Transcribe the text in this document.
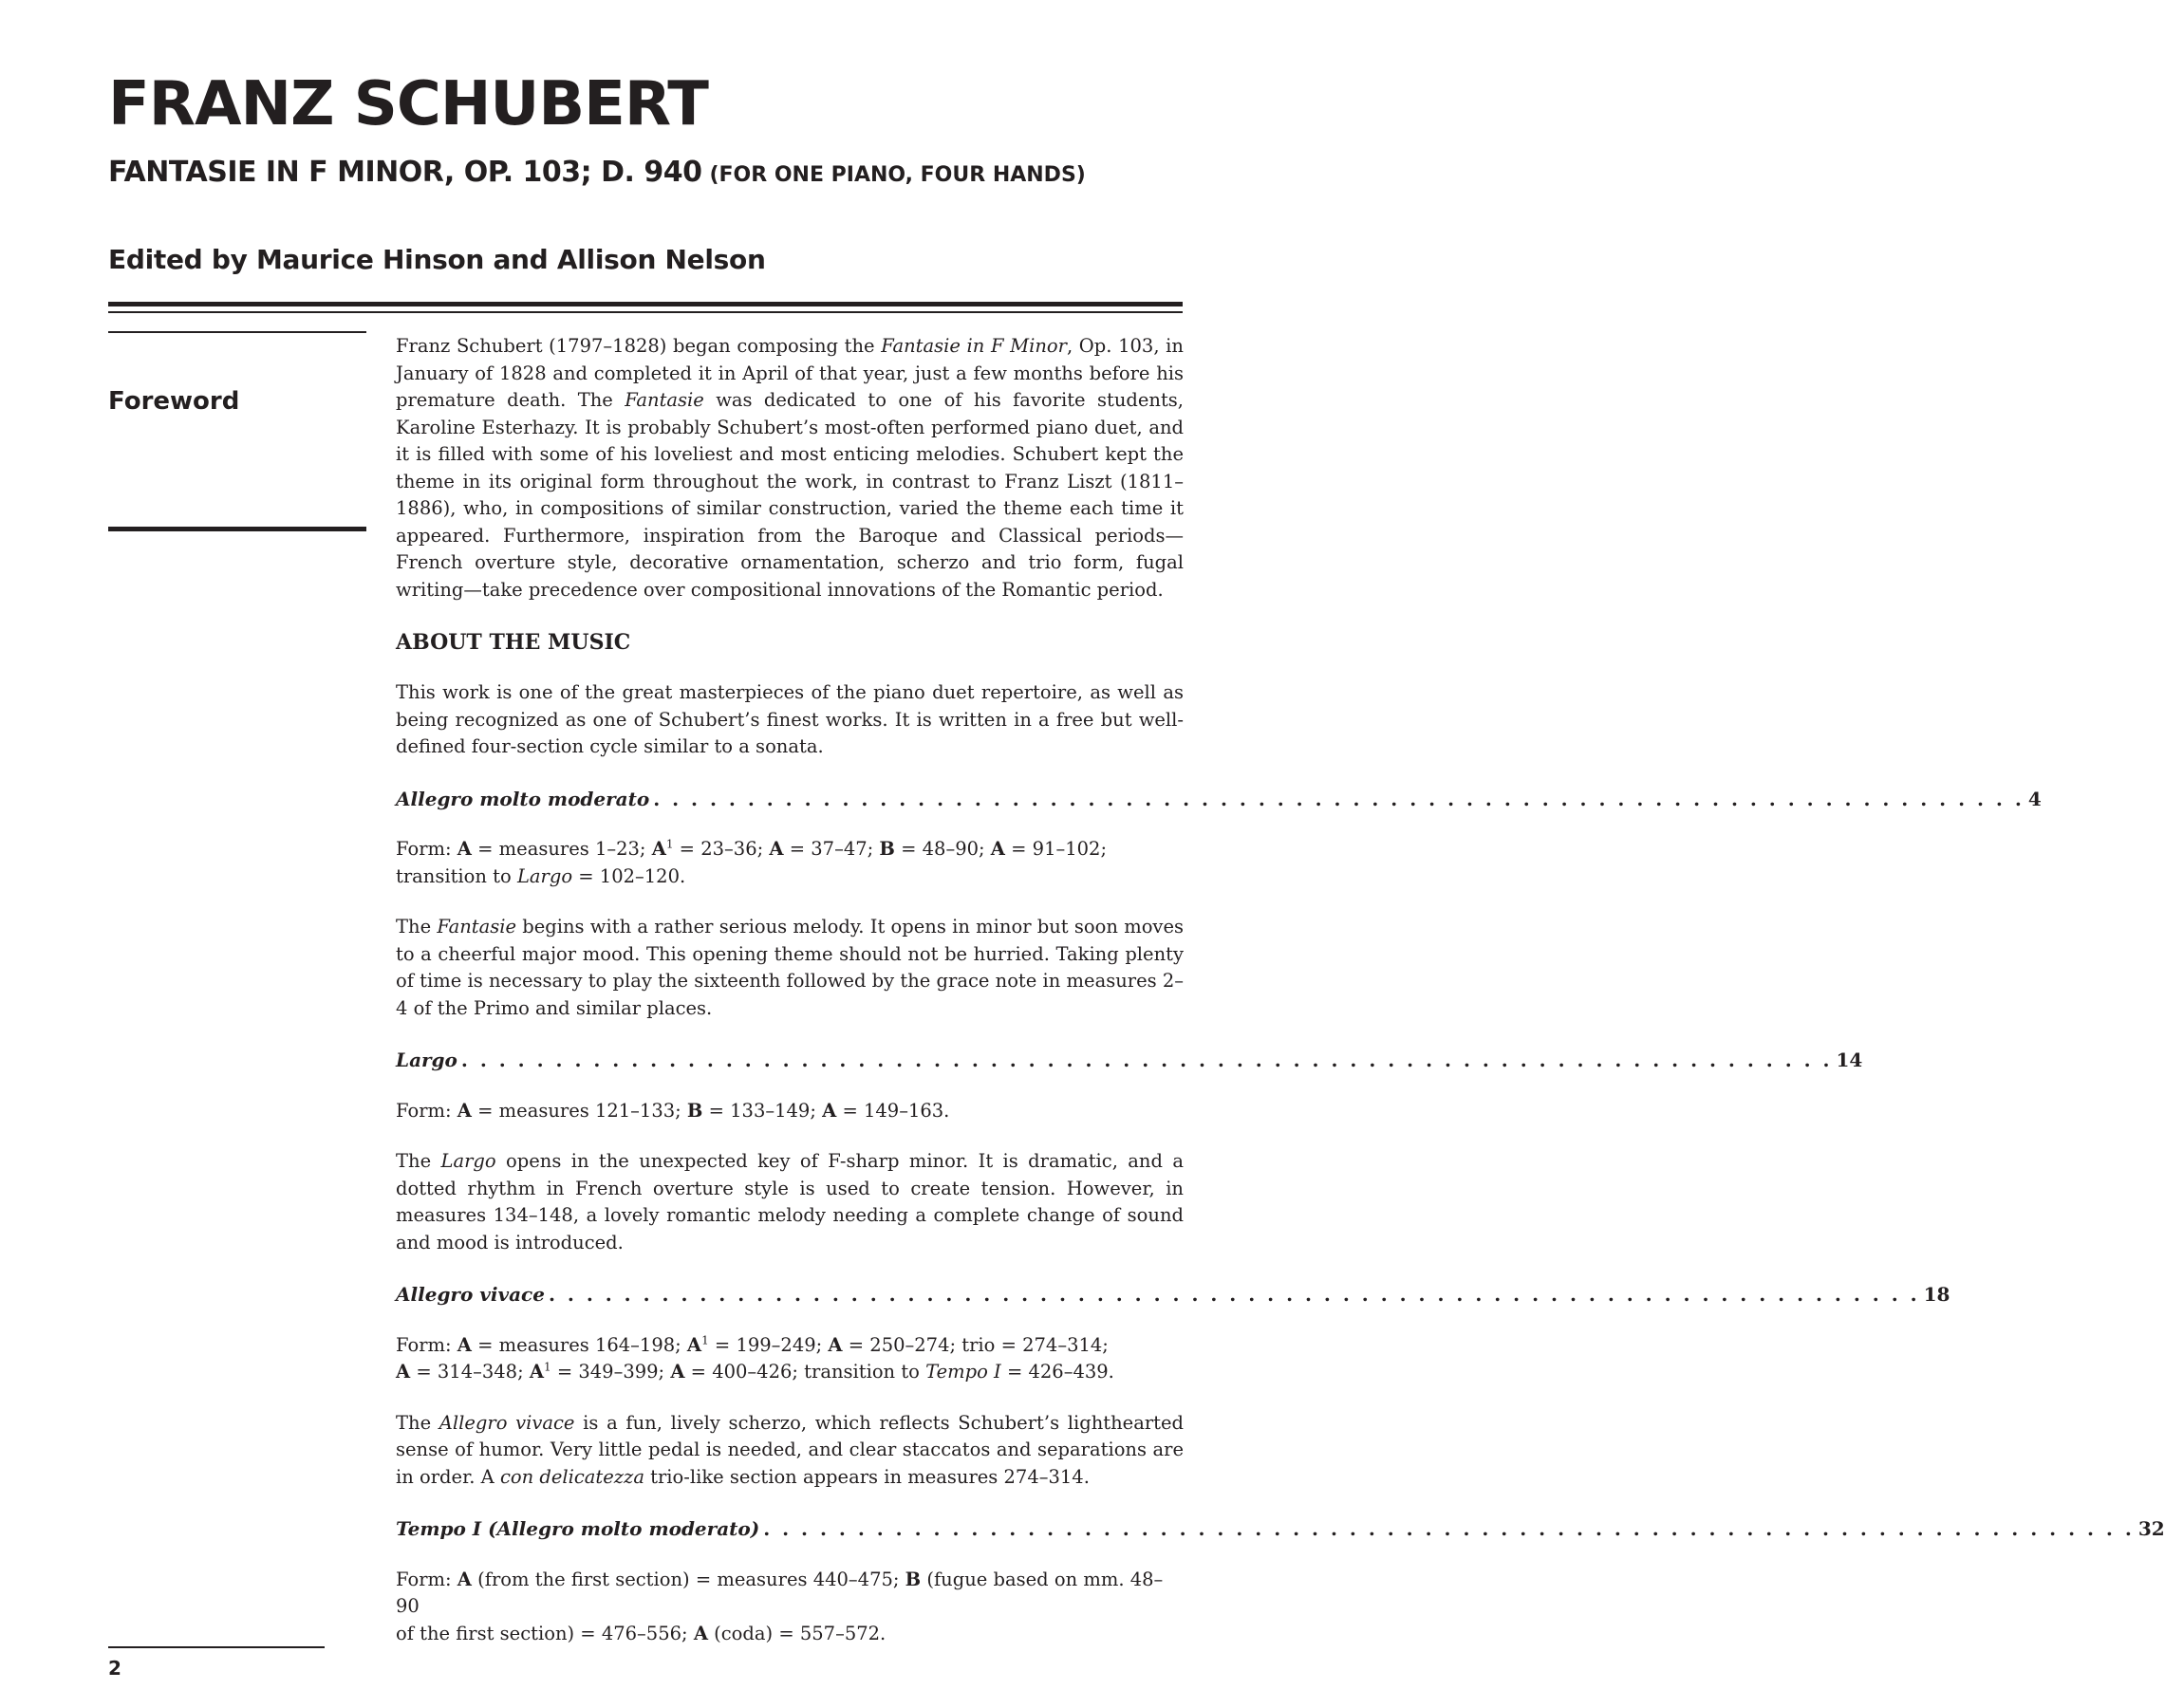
FRANZ SCHUBERT
FANTASIE IN F MINOR, OP. 103; D. 940 (FOR ONE PIANO, FOUR HANDS)
Edited by Maurice Hinson and Allison Nelson
Foreword

Franz Schubert (1797–1828) began composing the Fantasie in F Minor, Op. 103, in January of 1828 and completed it in April of that year, just a few months before his premature death. The Fantasie was dedicated to one of his favorite students, Karoline Esterhazy. It is probably Schubert’s most-often performed piano duet, and it is filled with some of his loveliest and most enticing melodies. Schubert kept the theme in its original form throughout the work, in contrast to Franz Liszt (1811–1886), who, in compositions of similar construction, varied the theme each time it appeared. Furthermore, inspiration from the Baroque and Classical periods—French overture style, decorative ornamentation, scherzo and trio form, fugal writing—take precedence over compositional innovations of the Romantic period.

ABOUT THE MUSIC

This work is one of the great masterpieces of the piano duet repertoire, as well as being recognized as one of Schubert’s finest works. It is written in a free but well-defined four-section cycle similar to a sonata.

Allegro molto moderato . . . . . . . . . . . . . . . . . . . . . . . . . . . . . . . . . . . . . . . . . . . . . . . . . . . . . . . . . . . . . . . . . . . . . . . . . 4

Form: A = measures 1–23; $A^1 = 23-36$; A = 37–47; B = 48–90; A = 91–102;
transition to Largo = 102–120.

The Fantasie begins with a rather serious melody. It opens in minor but soon moves to a cheerful major mood. This opening theme should not be hurried. Taking plenty of time is necessary to play the sixteenth followed by the grace note in measures 2–4 of the Primo and similar places.

Largo . . . . . . . . . . . . . . . . . . . . . . . . . . . . . . . . . . . . . . . . . . . . . . . . . . . . . . . . . . . . . . . . . . . . . . . . . 14

Form: A = measures 121–133; B = 133–149; A = 149–163.

The Largo opens in the unexpected key of F-sharp minor. It is dramatic, and a dotted rhythm in French overture style is used to create tension. However, in measures 134–148, a lovely romantic melody needing a complete change of sound and mood is introduced.

Allegro vivace . . . . . . . . . . . . . . . . . . . . . . . . . . . . . . . . . . . . . . . . . . . . . . . . . . . . . . . . . . . . . . . . . . . . . . . . . 18

Form: A = measures 164–198; $A^1 = 199-249$; A = 250–274; trio = 274–314;
A = 314–348; $A^1 = 349-399$; A = 400–426; transition to Tempo I = 426–439.

The Allegro vivace is a fun, lively scherzo, which reflects Schubert’s lighthearted sense of humor. Very little pedal is needed, and clear staccatos and separations are in order. A con delicatezza trio-like section appears in measures 274–314.

Tempo I (Allegro molto moderato) . . . . . . . . . . . . . . . . . . . . . . . . . . . . . . . . . . . . . . . . . . . . . . . . . . . . . . . . . . . . . . . . . . . . . . . . . 32

Form: A (from the first section) = measures 440–475; B (fugue based on mm. 48–90
of the first section) = 476–556; A (coda) = 557–572.

2
